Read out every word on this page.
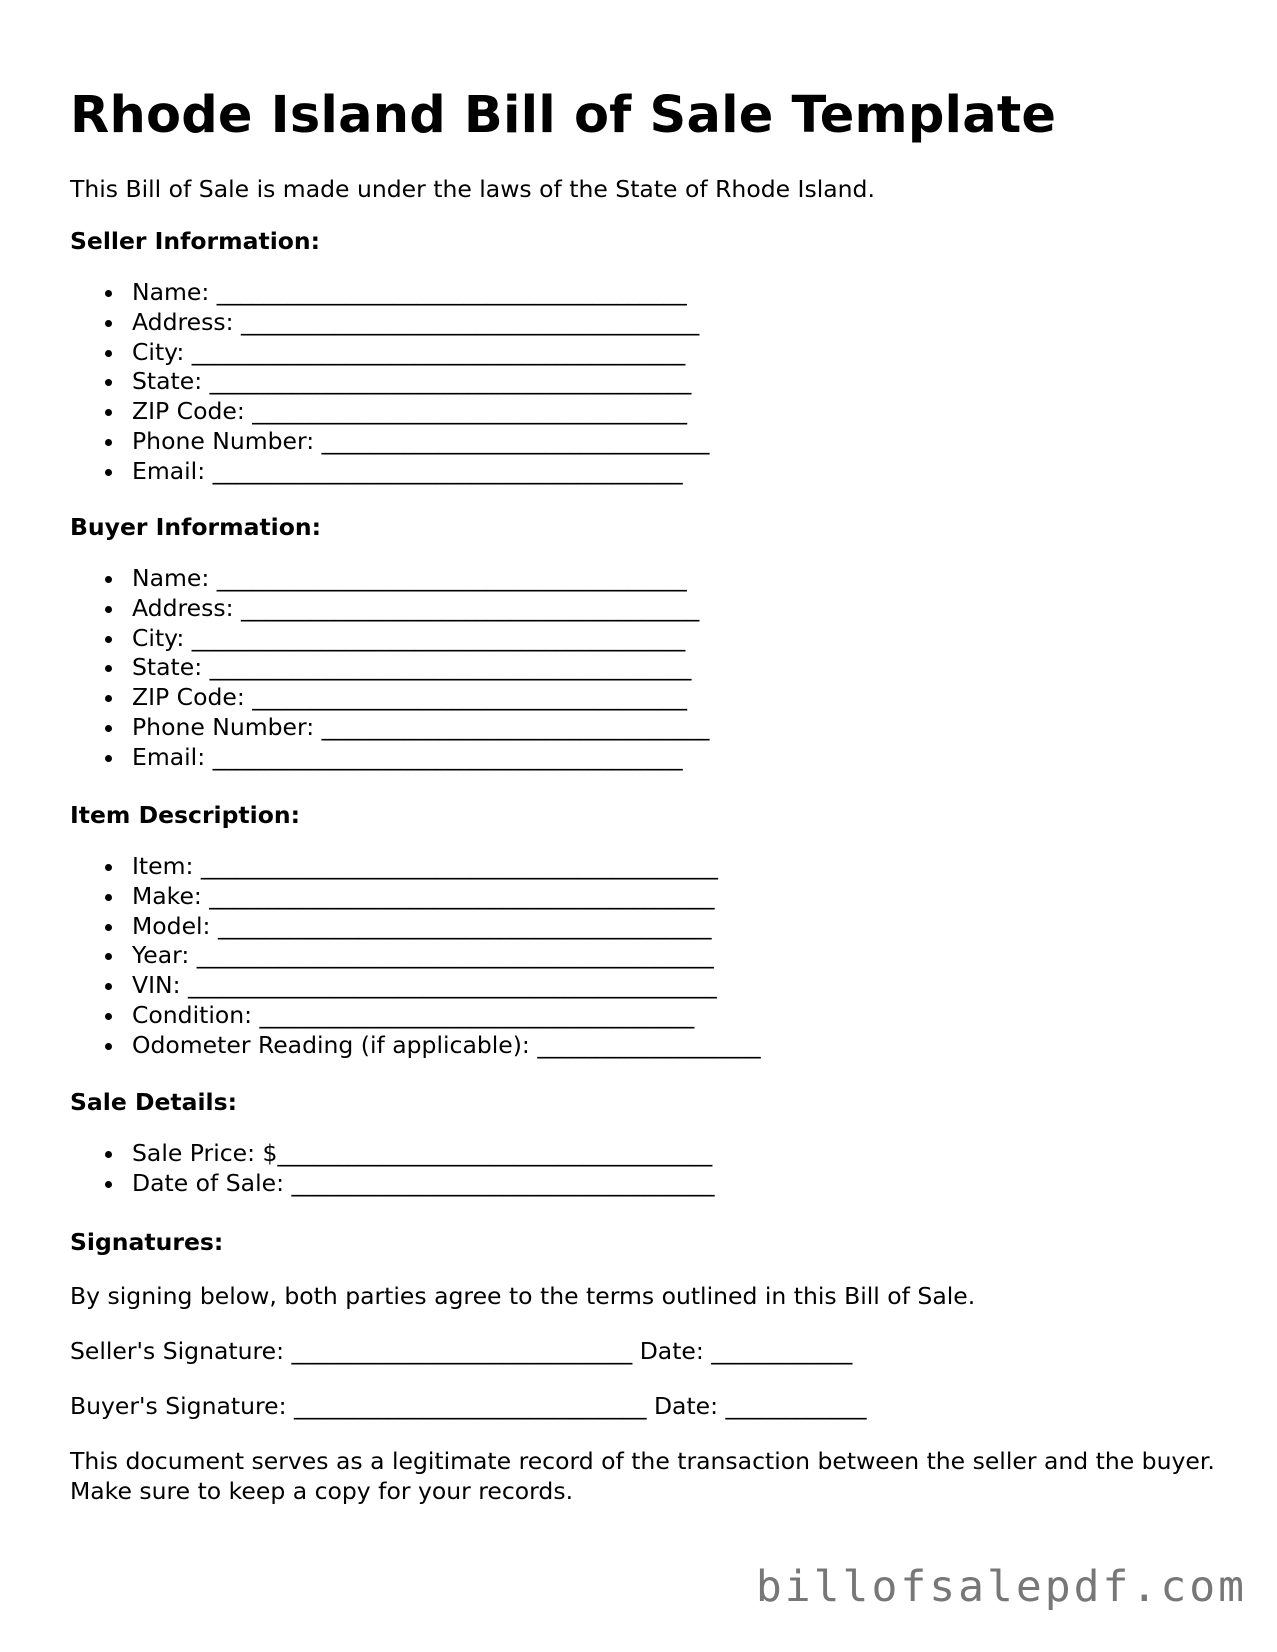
Rhode Island Bill of Sale Template

This Bill of Sale is made under the laws of the State of Rhode Island.

Seller Information:

Name: ________________________________________
Address: _______________________________________
City: __________________________________________
State: _________________________________________
ZIP Code: _____________________________________
Phone Number: _________________________________
Email: ________________________________________

Buyer Information:

Name: ________________________________________
Address: _______________________________________
City: __________________________________________
State: _________________________________________
ZIP Code: _____________________________________
Phone Number: _________________________________
Email: ________________________________________

Item Description:

Item: ____________________________________________
Make: ___________________________________________
Model: __________________________________________
Year: ____________________________________________
VIN: _____________________________________________
Condition: _____________________________________
Odometer Reading (if applicable): ___________________

Sale Details:

Sale Price: $_____________________________________
Date of Sale: ____________________________________

Signatures:

By signing below, both parties agree to the terms outlined in this Bill of Sale.

Seller's Signature: _____________________________ Date: ____________

Buyer's Signature: ______________________________ Date: ____________

This document serves as a legitimate record of the transaction between the seller and the buyer. Make sure to keep a copy for your records.

billofsalepdf.com
